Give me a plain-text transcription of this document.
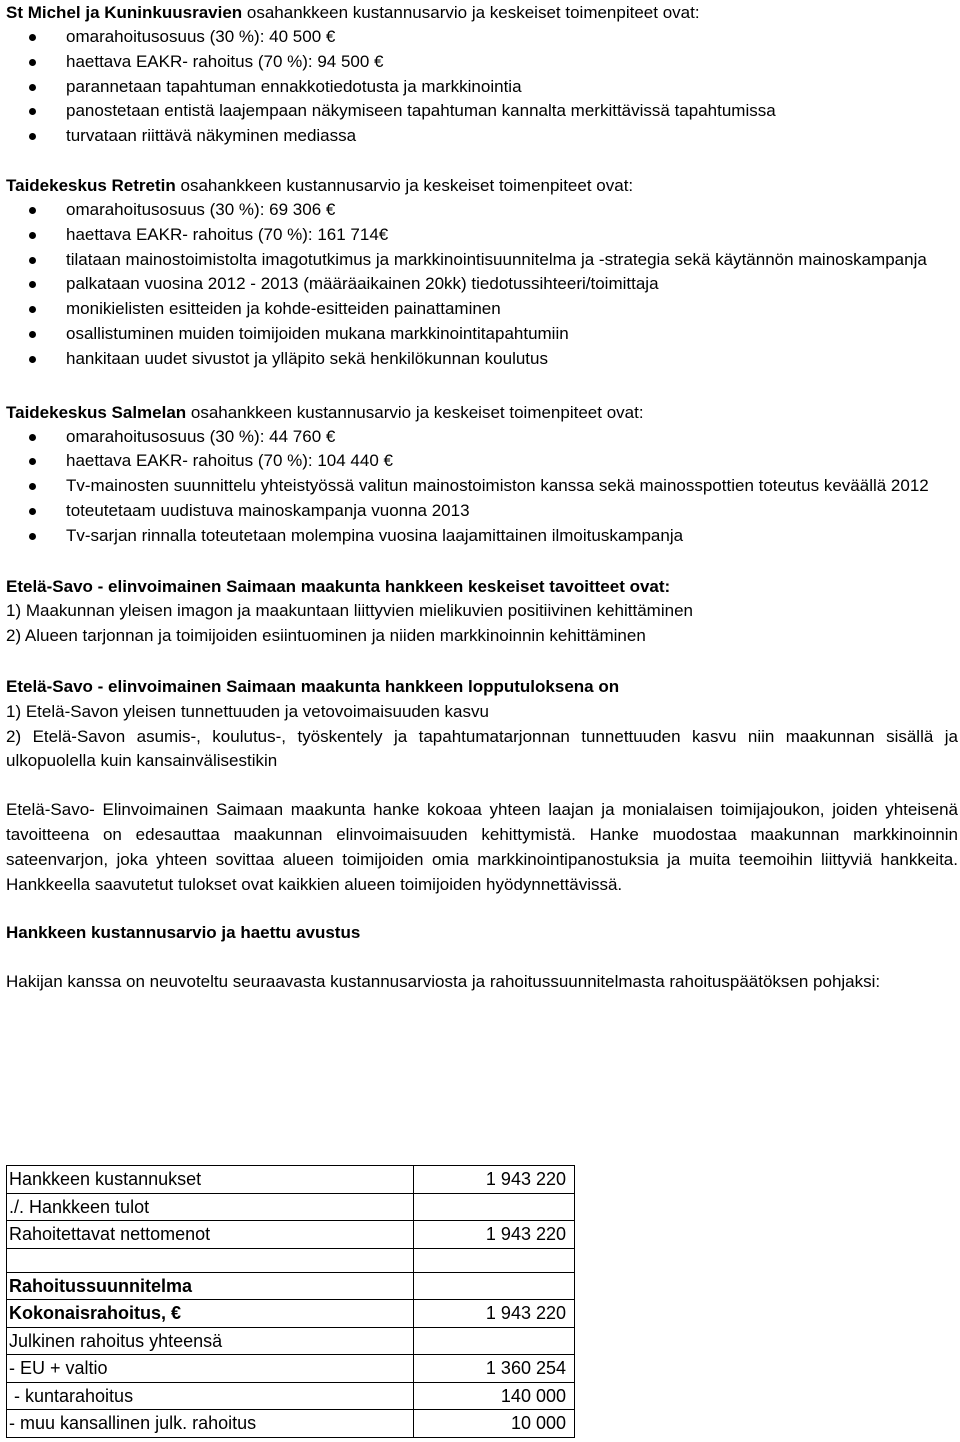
St Michel ja Kuninkuusravien osahankkeen kustannusarvio ja keskeiset toimenpiteet ovat:

omarahoitusosuus (30 %): 40 500 €
haettava EAKR- rahoitus (70 %): 94 500 €
parannetaan tapahtuman ennakkotiedotusta ja markkinointia
panostetaan entistä laajempaan näkymiseen tapahtuman kannalta merkittävissä tapahtumissa
turvataan riittävä näkyminen mediassa

Taidekeskus Retretin osahankkeen kustannusarvio ja keskeiset toimenpiteet ovat:

omarahoitusosuus (30 %): 69 306 €
haettava EAKR- rahoitus (70 %): 161 714€
tilataan mainostoimistolta imagotutkimus ja markkinointisuunnitelma ja -strategia sekä käytännön mainoskampanja
palkataan vuosina 2012 - 2013 (määräaikainen 20kk) tiedotussihteeri/toimittaja
monikielisten esitteiden ja kohde-esitteiden painattaminen
osallistuminen muiden toimijoiden mukana markkinointitapahtumiin
hankitaan uudet sivustot ja ylläpito sekä henkilökunnan koulutus

Taidekeskus Salmelan osahankkeen kustannusarvio ja keskeiset toimenpiteet ovat:

omarahoitusosuus (30 %): 44 760 €
haettava EAKR- rahoitus (70 %): 104 440 €
Tv-mainosten suunnittelu yhteistyössä valitun mainostoimiston kanssa sekä mainosspottien toteutus keväällä 2012
toteutetaam uudistuva mainoskampanja vuonna 2013
Tv-sarjan rinnalla toteutetaan molempina vuosina laajamittainen ilmoituskampanja

Etelä-Savo - elinvoimainen Saimaan maakunta hankkeen keskeiset tavoitteet ovat:

1) Maakunnan yleisen imagon ja maakuntaan liittyvien mielikuvien positiivinen kehittäminen

2) Alueen tarjonnan ja toimijoiden esiintuominen ja niiden markkinoinnin kehittäminen

Etelä-Savo - elinvoimainen Saimaan maakunta hankkeen lopputuloksena on

1) Etelä-Savon yleisen tunnettuuden ja vetovoimaisuuden kasvu

2) Etelä-Savon asumis-, koulutus-, työskentely ja tapahtumatarjonnan tunnettuuden kasvu niin maakunnan sisällä ja ulkopuolella kuin kansainvälisestikin

Etelä-Savo- Elinvoimainen Saimaan maakunta hanke kokoaa yhteen laajan ja monialaisen toimijajoukon, joiden yhteisenä tavoitteena on edesauttaa maakunnan elinvoimaisuuden kehittymistä. Hanke muodostaa maakunnan markkinoinnin sateenvarjon, joka yhteen sovittaa alueen toimijoiden omia markkinointipanostuksia ja muita teemoihin liittyviä hankkeita. Hankkeella saavutetut tulokset ovat kaikkien alueen toimijoiden hyödynnettävissä.

Hankkeen kustannusarvio ja haettu avustus

Hakijan kanssa on neuvoteltu seuraavasta kustannusarviosta ja rahoitussuunnitelmasta rahoituspäätöksen pohjaksi:

Hankkeen kustannukset	1 943 220
./. Hankkeen tulot	
Rahoitettavat nettomenot	1 943 220

Rahoitussuunnitelma	
Kokonaisrahoitus, €	1 943 220
Julkinen rahoitus yhteensä	
- EU + valtio	1 360 254
- kuntarahoitus	140 000
- muu kansallinen julk. rahoitus	10 000
